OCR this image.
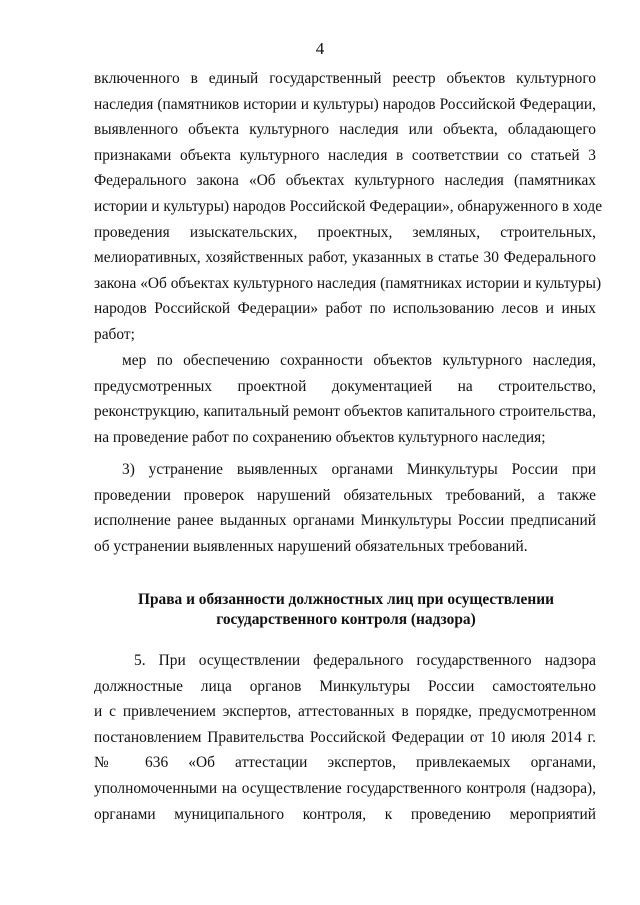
4
включенного в единый государственный реестр объектов культурного
наследия (памятников истории и культуры) народов Российской Федерации,
выявленного объекта культурного наследия или объекта, обладающего
признаками объекта культурного наследия в соответствии со статьей 3
Федерального закона «Об объектах культурного наследия (памятниках
истории и культуры) народов Российской Федерации», обнаруженного в ходе
проведения изыскательских, проектных, земляных, строительных,
мелиоративных, хозяйственных работ, указанных в статье 30 Федерального
закона «Об объектах культурного наследия (памятниках истории и культуры)
народов Российской Федерации» работ по использованию лесов и иных
работ;
мер по обеспечению сохранности объектов культурного наследия,
предусмотренных проектной документацией на строительство,
реконструкцию, капитальный ремонт объектов капитального строительства,
на проведение работ по сохранению объектов культурного наследия;
3) устранение выявленных органами Минкультуры России при
проведении проверок нарушений обязательных требований, а также
исполнение ранее выданных органами Минкультуры России предписаний
об устранении выявленных нарушений обязательных требований.
Права и обязанности должностных лиц при осуществлении
государственного контроля (надзора)
5. При осуществлении федерального государственного надзора
должностные лица органов Минкультуры России самостоятельно
и с привлечением экспертов, аттестованных в порядке, предусмотренном
постановлением Правительства Российской Федерации от 10 июля 2014 г.
№ 636 «Об аттестации экспертов, привлекаемых органами,
уполномоченными на осуществление государственного контроля (надзора),
органами муниципального контроля, к проведению мероприятий
